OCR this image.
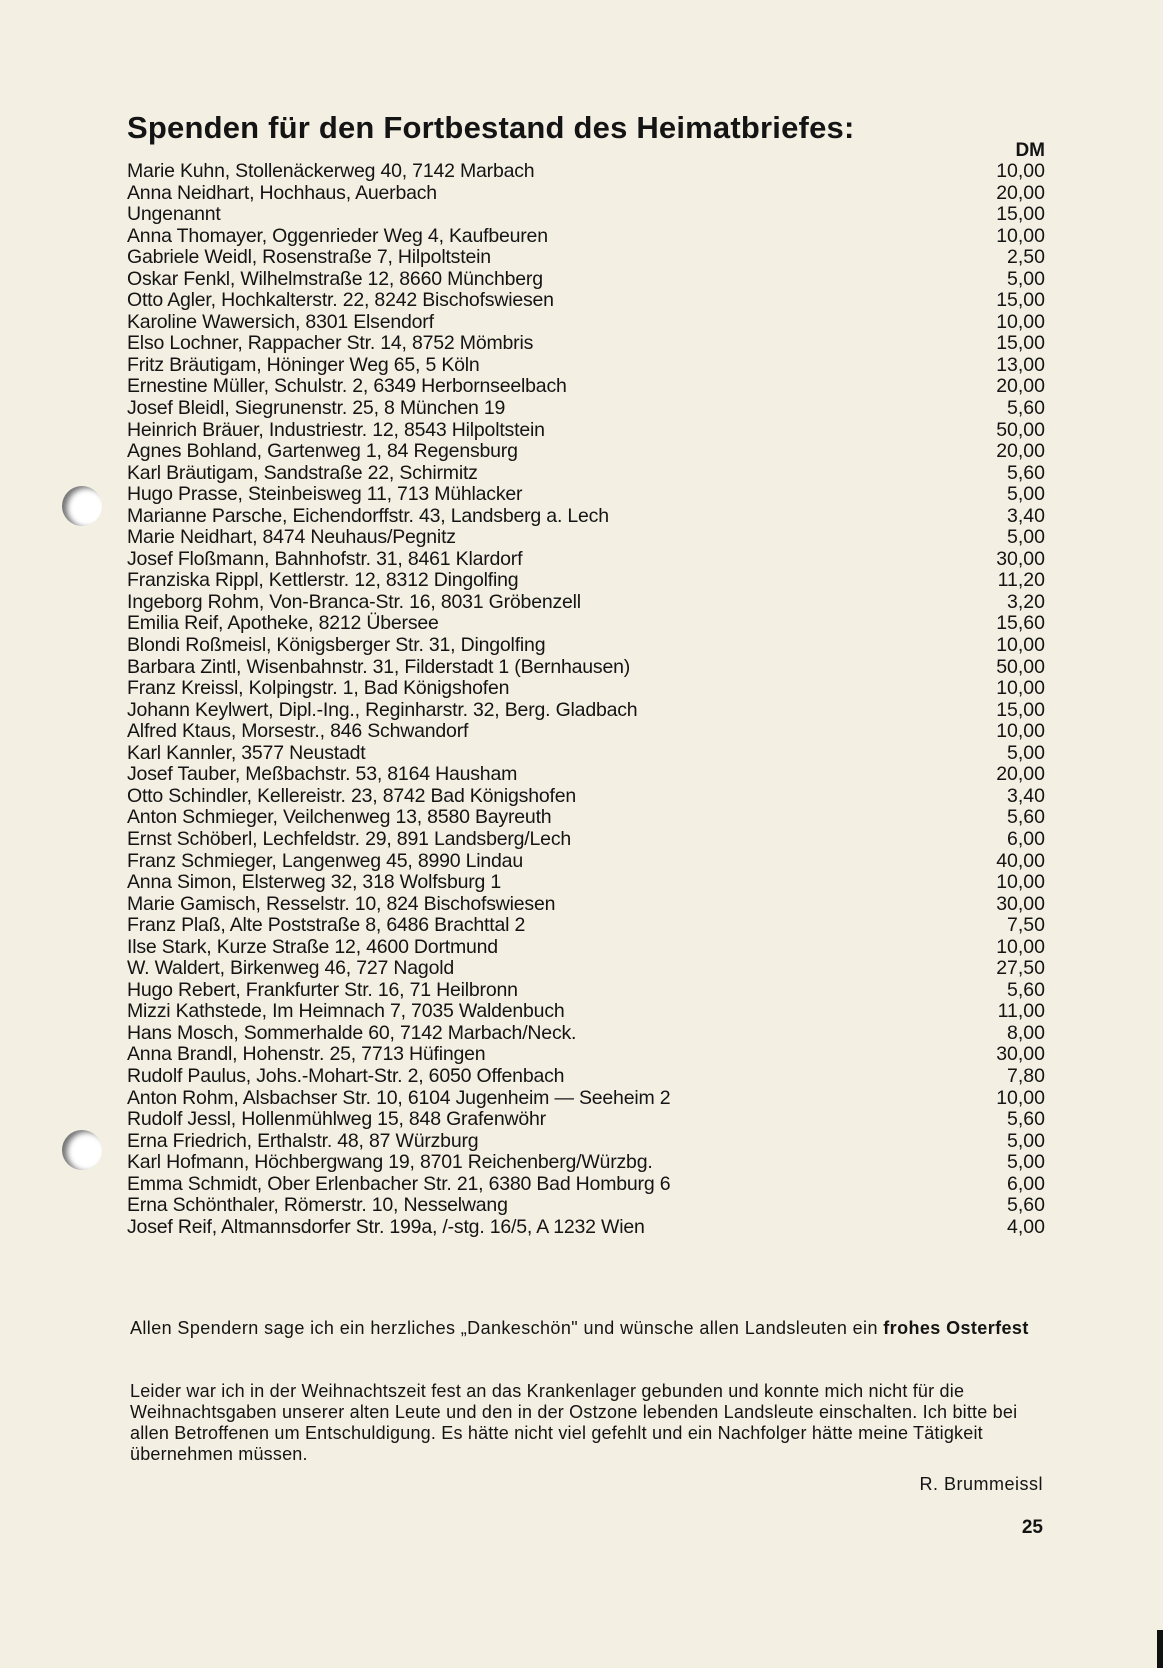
Spenden für den Fortbestand des Heimatbriefes:
DM
Marie Kuhn, Stollenäckerweg 40, 7142 Marbach	10,00
Anna Neidhart, Hochhaus, Auerbach	20,00
Ungenannt	15,00
Anna Thomayer, Oggenrieder Weg 4, Kaufbeuren	10,00
Gabriele Weidl, Rosenstraße 7, Hilpoltstein	2,50
Oskar Fenkl, Wilhelmstraße 12, 8660 Münchberg	5,00
Otto Agler, Hochkalterstr. 22, 8242 Bischofswiesen	15,00
Karoline Wawersich, 8301 Elsendorf	10,00
Elso Lochner, Rappacher Str. 14, 8752 Mömbris	15,00
Fritz Bräutigam, Höninger Weg 65, 5 Köln	13,00
Ernestine Müller, Schulstr. 2, 6349 Herbornseelbach	20,00
Josef Bleidl, Siegrunenstr. 25, 8 München 19	5,60
Heinrich Bräuer, Industriestr. 12, 8543 Hilpoltstein	50,00
Agnes Bohland, Gartenweg 1, 84 Regensburg	20,00
Karl Bräutigam, Sandstraße 22, Schirmitz	5,60
Hugo Prasse, Steinbeisweg 11, 713 Mühlacker	5,00
Marianne Parsche, Eichendorffstr. 43, Landsberg a. Lech	3,40
Marie Neidhart, 8474 Neuhaus/Pegnitz	5,00
Josef Floßmann, Bahnhofstr. 31, 8461 Klardorf	30,00
Franziska Rippl, Kettlerstr. 12, 8312 Dingolfing	11,20
Ingeborg Rohm, Von-Branca-Str. 16, 8031 Gröbenzell	3,20
Emilia Reif, Apotheke, 8212 Übersee	15,60
Blondi Roßmeisl, Königsberger Str. 31, Dingolfing	10,00
Barbara Zintl, Wisenbahnstr. 31, Filderstadt 1 (Bernhausen)	50,00
Franz Kreissl, Kolpingstr. 1, Bad Königshofen	10,00
Johann Keylwert, Dipl.-Ing., Reginharstr. 32, Berg. Gladbach	15,00
Alfred Ktaus, Morsestr., 846 Schwandorf	10,00
Karl Kannler, 3577 Neustadt	5,00
Josef Tauber, Meßbachstr. 53, 8164 Hausham	20,00
Otto Schindler, Kellereistr. 23, 8742 Bad Königshofen	3,40
Anton Schmieger, Veilchenweg 13, 8580 Bayreuth	5,60
Ernst Schöberl, Lechfeldstr. 29, 891 Landsberg/Lech	6,00
Franz Schmieger, Langenweg 45, 8990 Lindau	40,00
Anna Simon, Elsterweg 32, 318 Wolfsburg 1	10,00
Marie Gamisch, Resselstr. 10, 824 Bischofswiesen	30,00
Franz Plaß, Alte Poststraße 8, 6486 Brachttal 2	7,50
Ilse Stark, Kurze Straße 12, 4600 Dortmund	10,00
W. Waldert, Birkenweg 46, 727 Nagold	27,50
Hugo Rebert, Frankfurter Str. 16, 71 Heilbronn	5,60
Mizzi Kathstede, Im Heimnach 7, 7035 Waldenbuch	11,00
Hans Mosch, Sommerhalde 60, 7142 Marbach/Neck.	8,00
Anna Brandl, Hohenstr. 25, 7713 Hüfingen	30,00
Rudolf Paulus, Johs.-Mohart-Str. 2, 6050 Offenbach	7,80
Anton Rohm, Alsbachser Str. 10, 6104 Jugenheim — Seeheim 2	10,00
Rudolf Jessl, Hollenmühlweg 15, 848 Grafenwöhr	5,60
Erna Friedrich, Erthalstr. 48, 87 Würzburg	5,00
Karl Hofmann, Höchbergwang 19, 8701 Reichenberg/Würzbg.	5,00
Emma Schmidt, Ober Erlenbacher Str. 21, 6380 Bad Homburg 6	6,00
Erna Schönthaler, Römerstr. 10, Nesselwang	5,60
Josef Reif, Altmannsdorfer Str. 199a, /-stg. 16/5, A 1232 Wien	4,00

Allen Spendern sage ich ein herzliches „Dankeschön" und wünsche allen Landsleuten ein frohes Osterfest

Leider war ich in der Weihnachtszeit fest an das Krankenlager gebunden und konnte mich nicht für die Weihnachtsgaben unserer alten Leute und den in der Ostzone lebenden Landsleute einschalten. Ich bitte bei allen Betroffenen um Entschuldigung. Es hätte nicht viel gefehlt und ein Nachfolger hätte meine Tätigkeit übernehmen müssen.

R. Brummeissl
25
